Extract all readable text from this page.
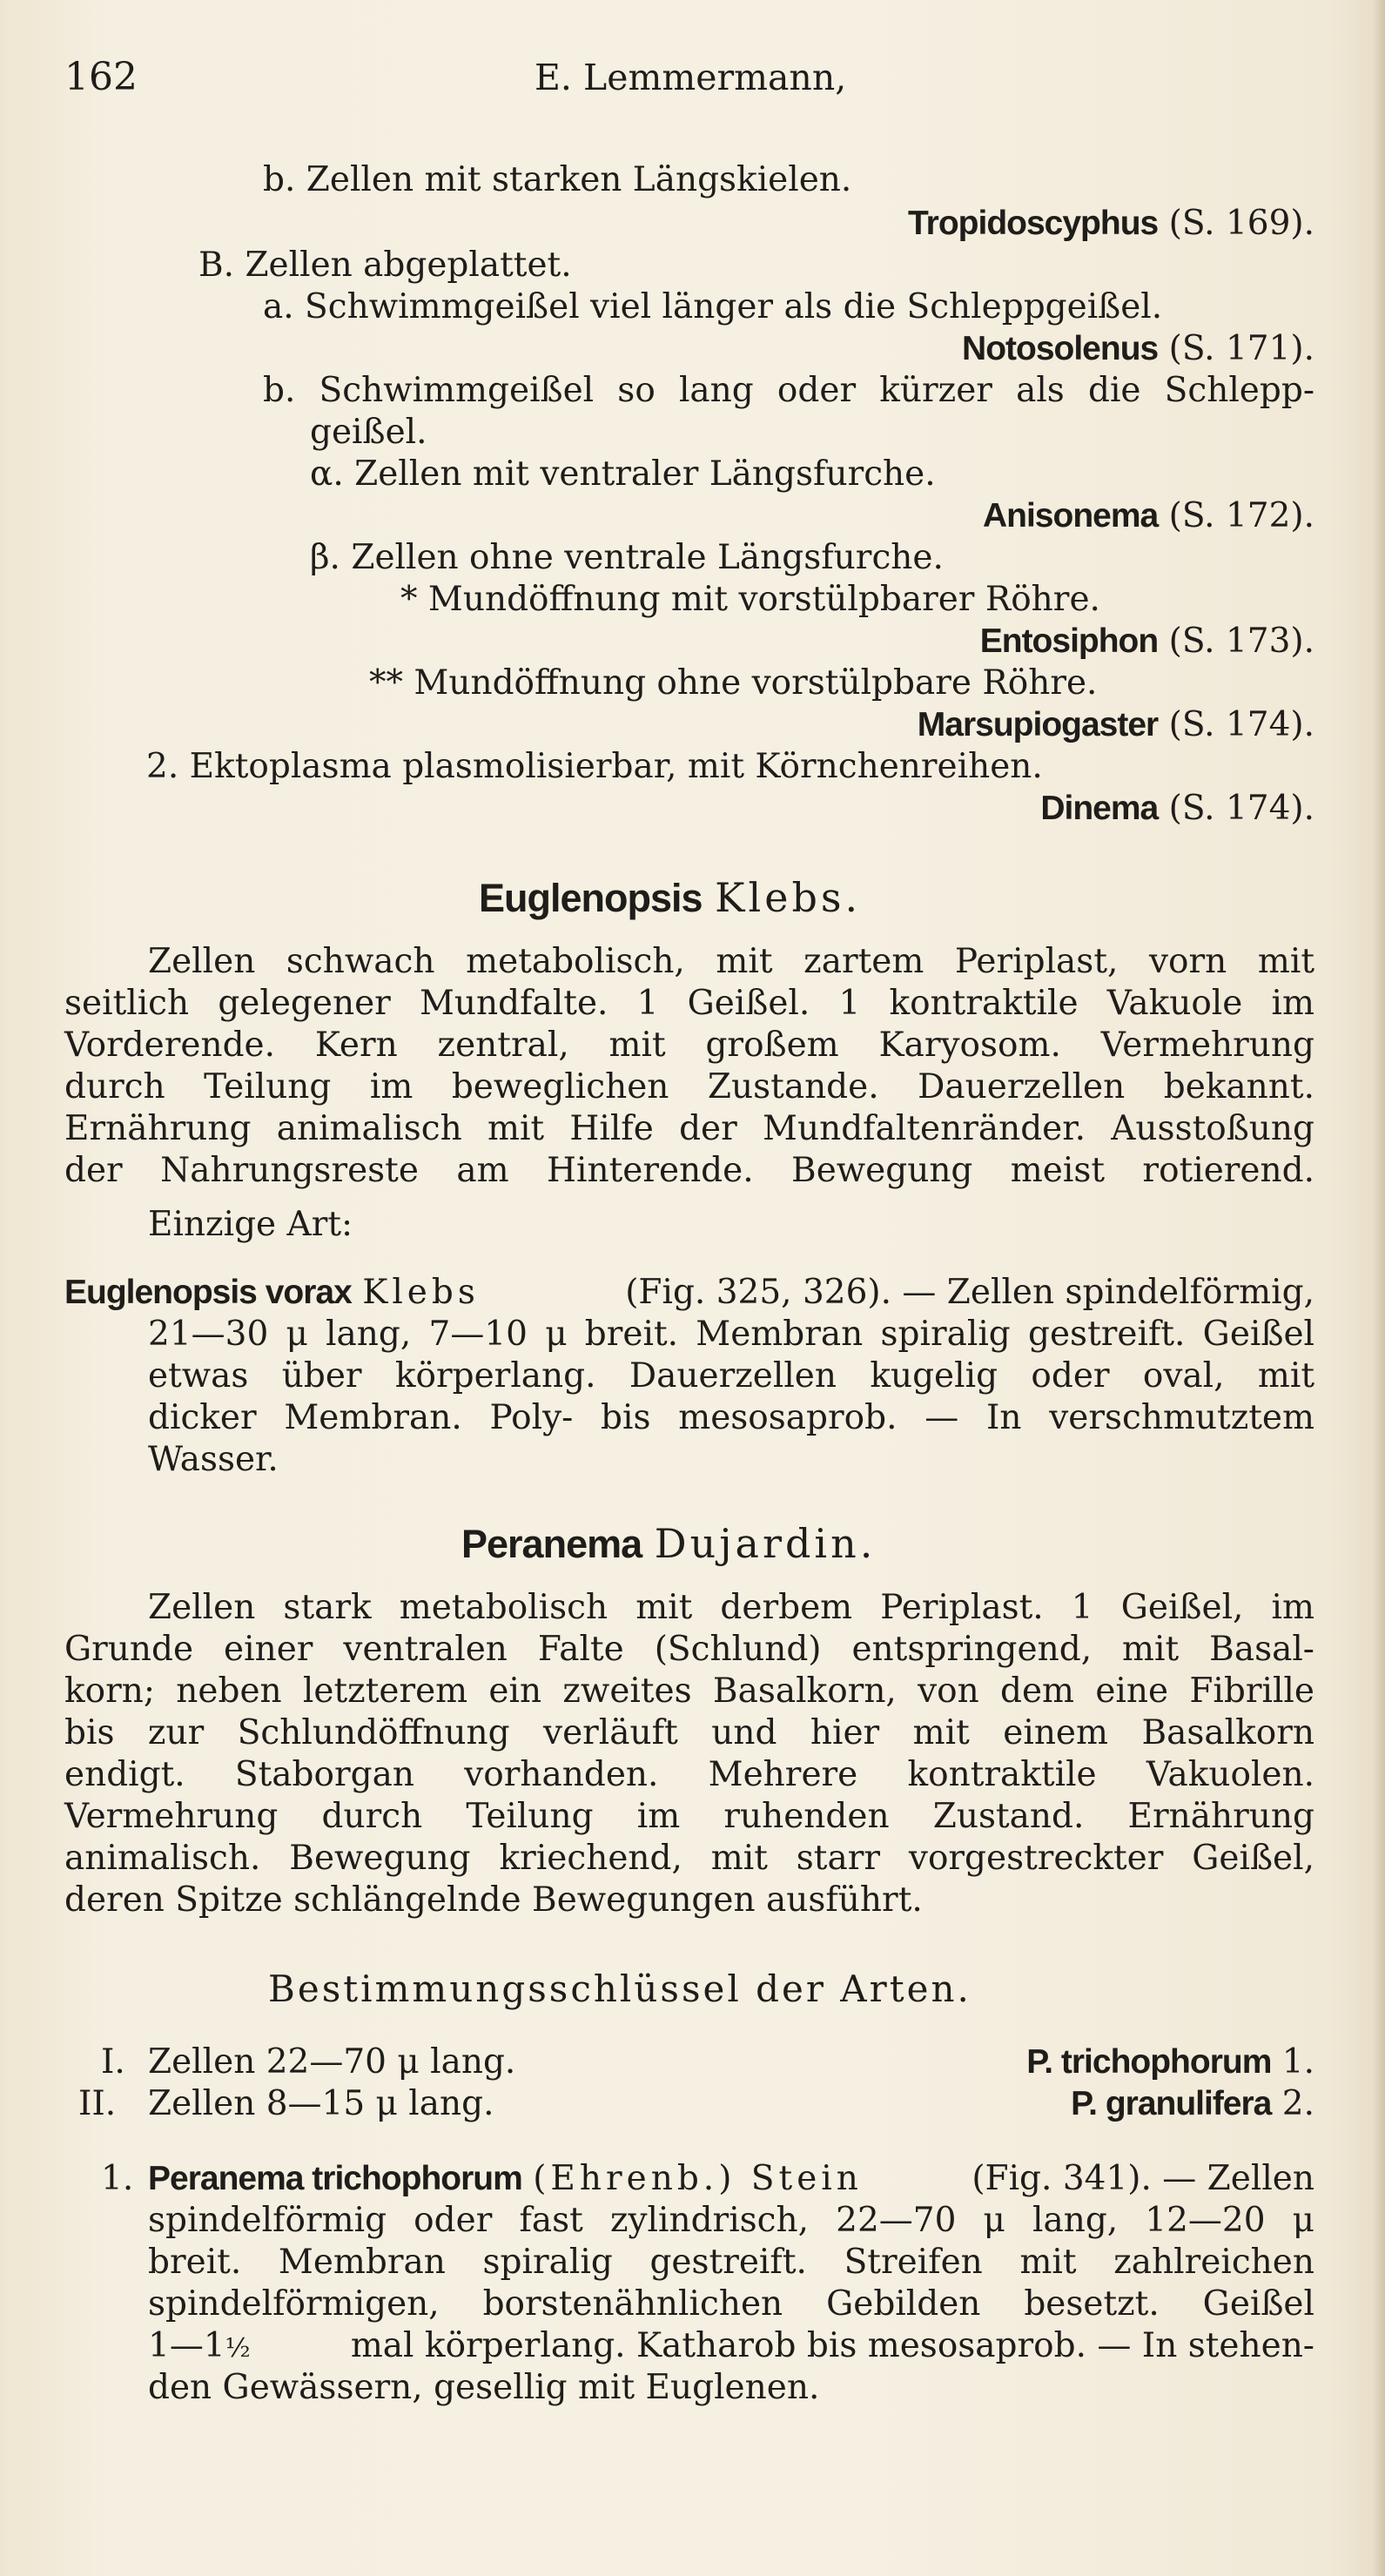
162	E. Lemmermann,
b. Zellen mit starken Längskielen.
Tropidoscyphus (S. 169).
B. Zellen abgeplattet.
a. Schwimmgeißel viel länger als die Schleppgeißel.
Notosolenus (S. 171).
b. Schwimmgeißel so lang oder kürzer als die Schlepp-
geißel.
α. Zellen mit ventraler Längsfurche.
Anisonema (S. 172).
β. Zellen ohne ventrale Längsfurche.
* Mundöffnung mit vorstülpbarer Röhre.
Entosiphon (S. 173).
** Mundöffnung ohne vorstülpbare Röhre.
Marsupiogaster (S. 174).
2. Ektoplasma plasmolisierbar, mit Körnchenreihen.
Dinema (S. 174).
Euglenopsis Klebs.
Zellen schwach metabolisch, mit zartem Periplast, vorn mit
seitlich gelegener Mundfalte. 1 Geißel. 1 kontraktile Vakuole im
Vorderende. Kern zentral, mit großem Karyosom. Vermehrung
durch Teilung im beweglichen Zustande. Dauerzellen bekannt.
Ernährung animalisch mit Hilfe der Mundfaltenränder. Ausstoßung
der Nahrungsreste am Hinterende. Bewegung meist rotierend.
Einzige Art:
Euglenopsis vorax Klebs	(Fig. 325, 326). — Zellen spindelförmig,
21—30 μ lang, 7—10 μ breit. Membran spiralig gestreift. Geißel
etwas über körperlang. Dauerzellen kugelig oder oval, mit
dicker Membran. Poly- bis mesosaprob. — In verschmutztem
Wasser.
Peranema Dujardin.
Zellen stark metabolisch mit derbem Periplast. 1 Geißel, im
Grunde einer ventralen Falte (Schlund) entspringend, mit Basal-
korn; neben letzterem ein zweites Basalkorn, von dem eine Fibrille
bis zur Schlundöffnung verläuft und hier mit einem Basalkorn
endigt. Staborgan vorhanden. Mehrere kontraktile Vakuolen.
Vermehrung durch Teilung im ruhenden Zustand. Ernährung
animalisch. Bewegung kriechend, mit starr vorgestreckter Geißel,
deren Spitze schlängelnde Bewegungen ausführt.
Bestimmungsschlüssel der Arten.
I. Zellen 22—70 μ lang.	P. trichophorum 1.
II. Zellen 8—15 μ lang.	P. granulifera 2.
1. Peranema trichophorum (Ehrenb.) Stein	(Fig. 341). — Zellen
spindelförmig oder fast zylindrisch, 22—70 μ lang, 12—20 μ
breit. Membran spiralig gestreift. Streifen mit zahlreichen
spindelförmigen, borstenähnlichen Gebilden besetzt. Geißel
1—1½	mal körperlang. Katharob bis mesosaprob. — In stehen-
den Gewässern, gesellig mit Euglenen.
